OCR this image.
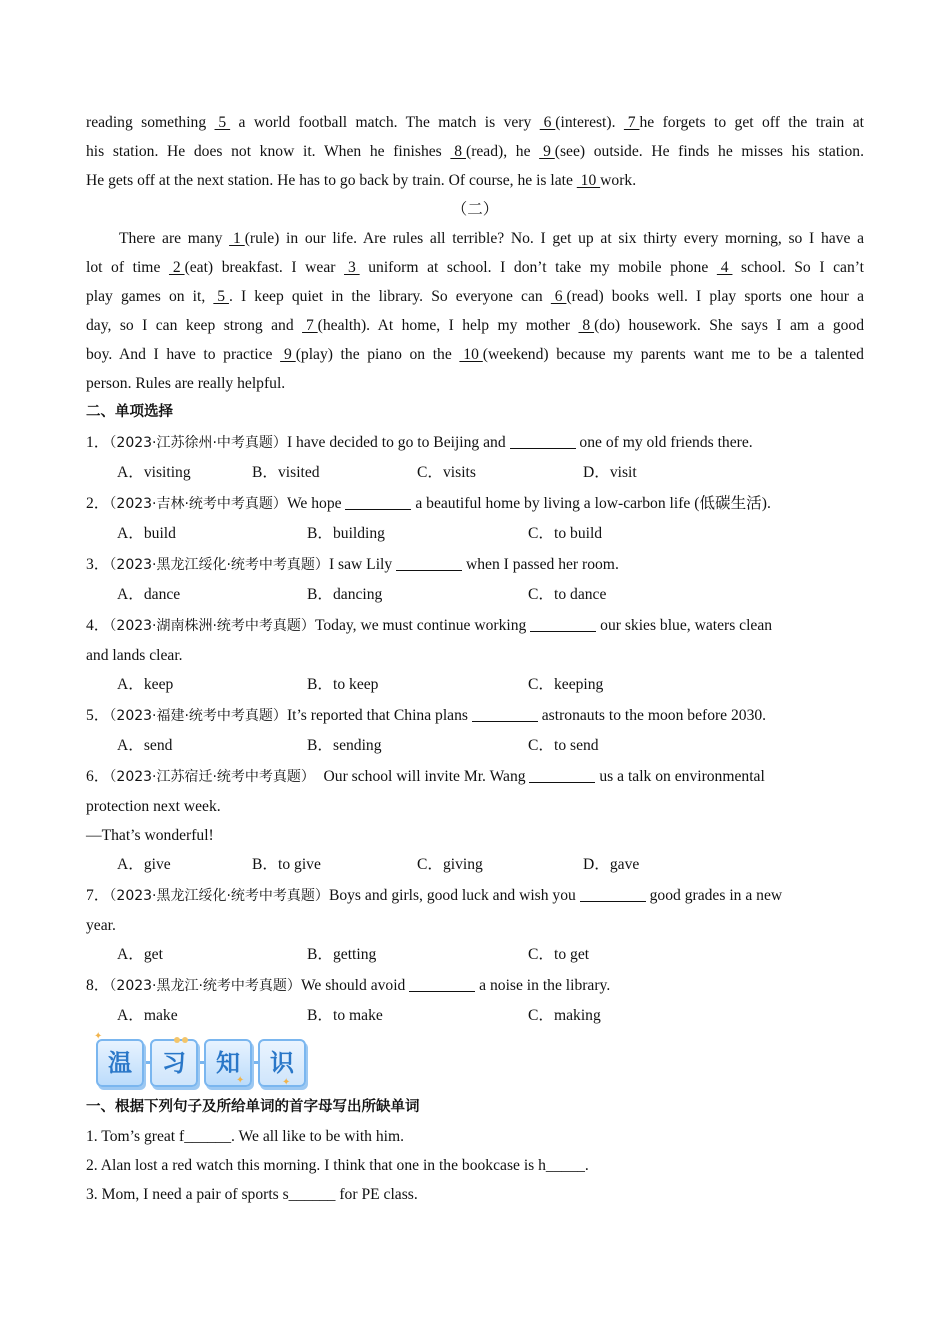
reading something  5  a world football match. The match is very  6 (interest).  7 he forgets to get off the train at
his station. He does not know it. When he finishes  8 (read), he  9 (see) outside. He finds he misses his station.
He gets off at the next station. He has to go back by train. Of course, he is late  10 work.
（二）
There are many  1 (rule) in our life. Are rules all terrible? No. I get up at six thirty every morning, so I have a
lot of time  2 (eat) breakfast. I wear  3  uniform at school. I don’t take my mobile phone  4  school. So I can’t
play games on it,  5 . I keep quiet in the library. So everyone can  6 (read) books well. I play sports one hour a
day, so I can keep strong and  7 (health). At home, I help my mother  8 (do) housework. She says I am a good
boy. And I have to practice  9 (play) the piano on the  10 (weekend) because my parents want me to be a talented
person. Rules are really helpful.
二、单项选择
1．（2023·江苏徐州·中考真题）I have decided to go to Beijing and	one of my old friends there.
A．visiting	B．visited	C．visits	D．visit
2．（2023·吉林·统考中考真题）We hope	a beautiful home by living a low-carbon life (低碳生活).
A．build	B．building	C．to build
3．（2023·黑龙江绥化·统考中考真题）I saw Lily	when I passed her room.
A．dance	B．dancing	C．to dance
4．（2023·湖南株洲·统考中考真题）Today, we must continue working	our skies blue, waters clean
and lands clear.
A．keep	B．to keep	C．keeping
5．（2023·福建·统考中考真题）It’s reported that China plans	astronauts to the moon before 2030.
A．send	B．sending	C．to send
6．（2023·江苏宿迁·统考中考真题）　Our school will invite Mr. Wang	us a talk on environmental
protection next week.
—That’s wonderful!
A．give	B．to give	C．giving	D．gave
7．（2023·黑龙江绥化·统考中考真题）Boys and girls, good luck and wish you	good grades in a new
year.
A．get	B．getting	C．to get
8．（2023·黑龙江·统考中考真题）We should avoid	a noise in the library.
A．make	B．to make	C．making
温	习	知	识
✦
✦	✦
一、根据下列句子及所给单词的首字母写出所缺单词
1. Tom’s great f______. We all like to be with him.
2. Alan lost a red watch this morning. I think that one in the bookcase is h_____.
3. Mom, I need a pair of sports s______ for PE class.
